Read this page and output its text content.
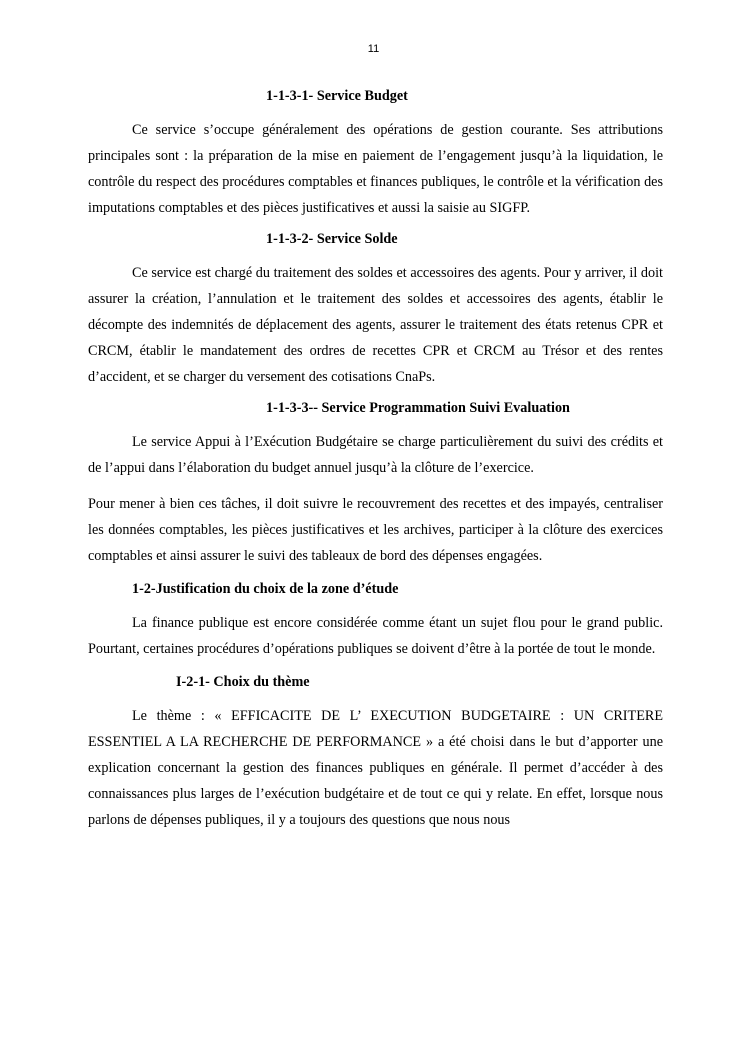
11

1-1-3-1- Service Budget

Ce service s’occupe généralement des opérations de gestion courante. Ses attributions principales sont : la préparation de la mise en paiement de l’engagement jusqu’à la liquidation, le contrôle du respect des procédures comptables et finances publiques, le contrôle et la vérification des imputations comptables et des pièces justificatives et aussi la saisie au SIGFP.

1-1-3-2- Service Solde

Ce service est chargé du traitement des soldes et accessoires des agents. Pour y arriver, il doit assurer la création, l’annulation et le traitement des soldes et accessoires des agents, établir le décompte des indemnités de déplacement des agents, assurer le traitement des états retenus CPR et CRCM, établir le mandatement des ordres de recettes CPR et CRCM au Trésor et des rentes d’accident, et se charger du versement des cotisations CnaPs.

1-1-3-3-- Service Programmation Suivi Evaluation

Le service Appui à l’Exécution Budgétaire se charge particulièrement du suivi des crédits et de l’appui dans l’élaboration du budget annuel jusqu’à la clôture de l’exercice.

Pour mener à bien ces tâches, il doit suivre le recouvrement des recettes et des impayés, centraliser les données comptables, les pièces justificatives et les archives, participer à la clôture des exercices comptables et ainsi assurer le suivi des tableaux de bord des dépenses engagées.

1-2-Justification du choix de la zone d’étude

La finance publique est encore considérée comme étant un sujet flou pour le grand public. Pourtant, certaines procédures d’opérations publiques se doivent d’être à la portée de tout le monde.

I-2-1- Choix du thème

Le thème : « EFFICACITE DE L’ EXECUTION BUDGETAIRE : UN CRITERE ESSENTIEL A LA RECHERCHE DE PERFORMANCE » a été choisi dans le but d’apporter une explication concernant la gestion des finances publiques en générale. Il permet d’accéder à des connaissances plus larges de l’exécution budgétaire et de tout ce qui y relate. En effet, lorsque nous parlons de dépenses publiques, il y a toujours des questions que nous nous
